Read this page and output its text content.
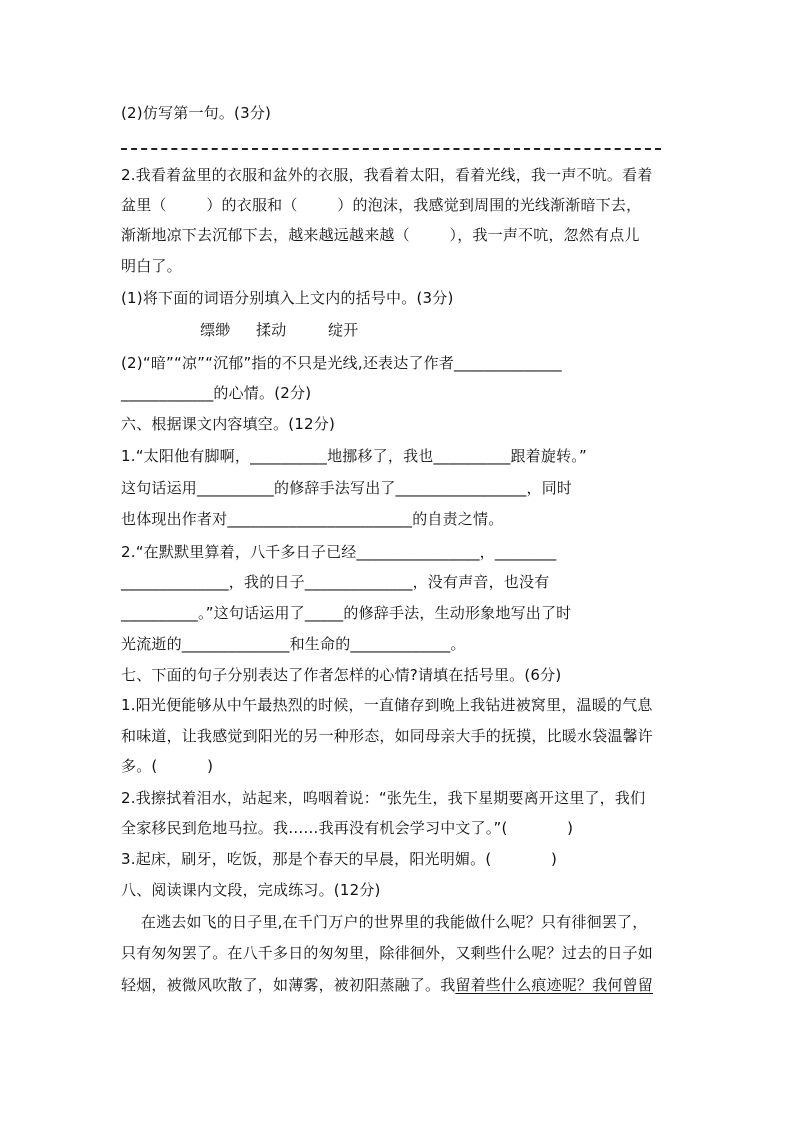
(2)仿写第一句。(3分)
2.我看着盆里的衣服和盆外的衣服，我看着太阳，看着光线，我一声不吭。看着
盆里（        ）的衣服和（        ）的泡沫，我感觉到周围的光线渐渐暗下去，
渐渐地凉下去沉郁下去，越来越远越来越（        ），我一声不吭，忽然有点儿
明白了。
(1)将下面的词语分别填入上文内的括号中。(3分)
缥缈 揉动	绽开
(2)“暗”“凉”“沉郁”指的不只是光线,还表达了作者______________
____________的心情。(2分)
六、根据课文内容填空。(12分)
1.“太阳他有脚啊，__________地挪移了，我也__________跟着旋转。”
这句话运用__________的修辞手法写出了_________________，同时
也体现出作者对________________________的自责之情。
2.“在默默里算着，八千多日子已经________________，________
______________，我的日子______________，没有声音，也没有
__________。”这句话运用了_____的修辞手法，生动形象地写出了时
光流逝的______________和生命的_____________。
七、下面的句子分别表达了作者怎样的心情?请填在括号里。(6分)
1.阳光便能够从中午最热烈的时候，一直储存到晚上我钻进被窝里，温暖的气息
和味道，让我感觉到阳光的另一种形态，如同母亲大手的抚摸，比暖水袋温馨许
多。(          )
2.我擦拭着泪水，站起来，呜咽着说：“张先生，我下星期要离开这里了，我们
全家移民到危地马拉。我……我再没有机会学习中文了。”(            )
3.起床，刷牙，吃饭，那是个春天的早晨，阳光明媚。(            )
八、阅读课内文段，完成练习。(12分)
在逃去如飞的日子里,在千门万户的世界里的我能做什么呢？只有徘徊罢了，
只有匆匆罢了。在八千多日的匆匆里，除徘徊外，又剩些什么呢？过去的日子如
轻烟，被微风吹散了，如薄雾，被初阳蒸融了。我留着些什么痕迹呢？我何曾留
